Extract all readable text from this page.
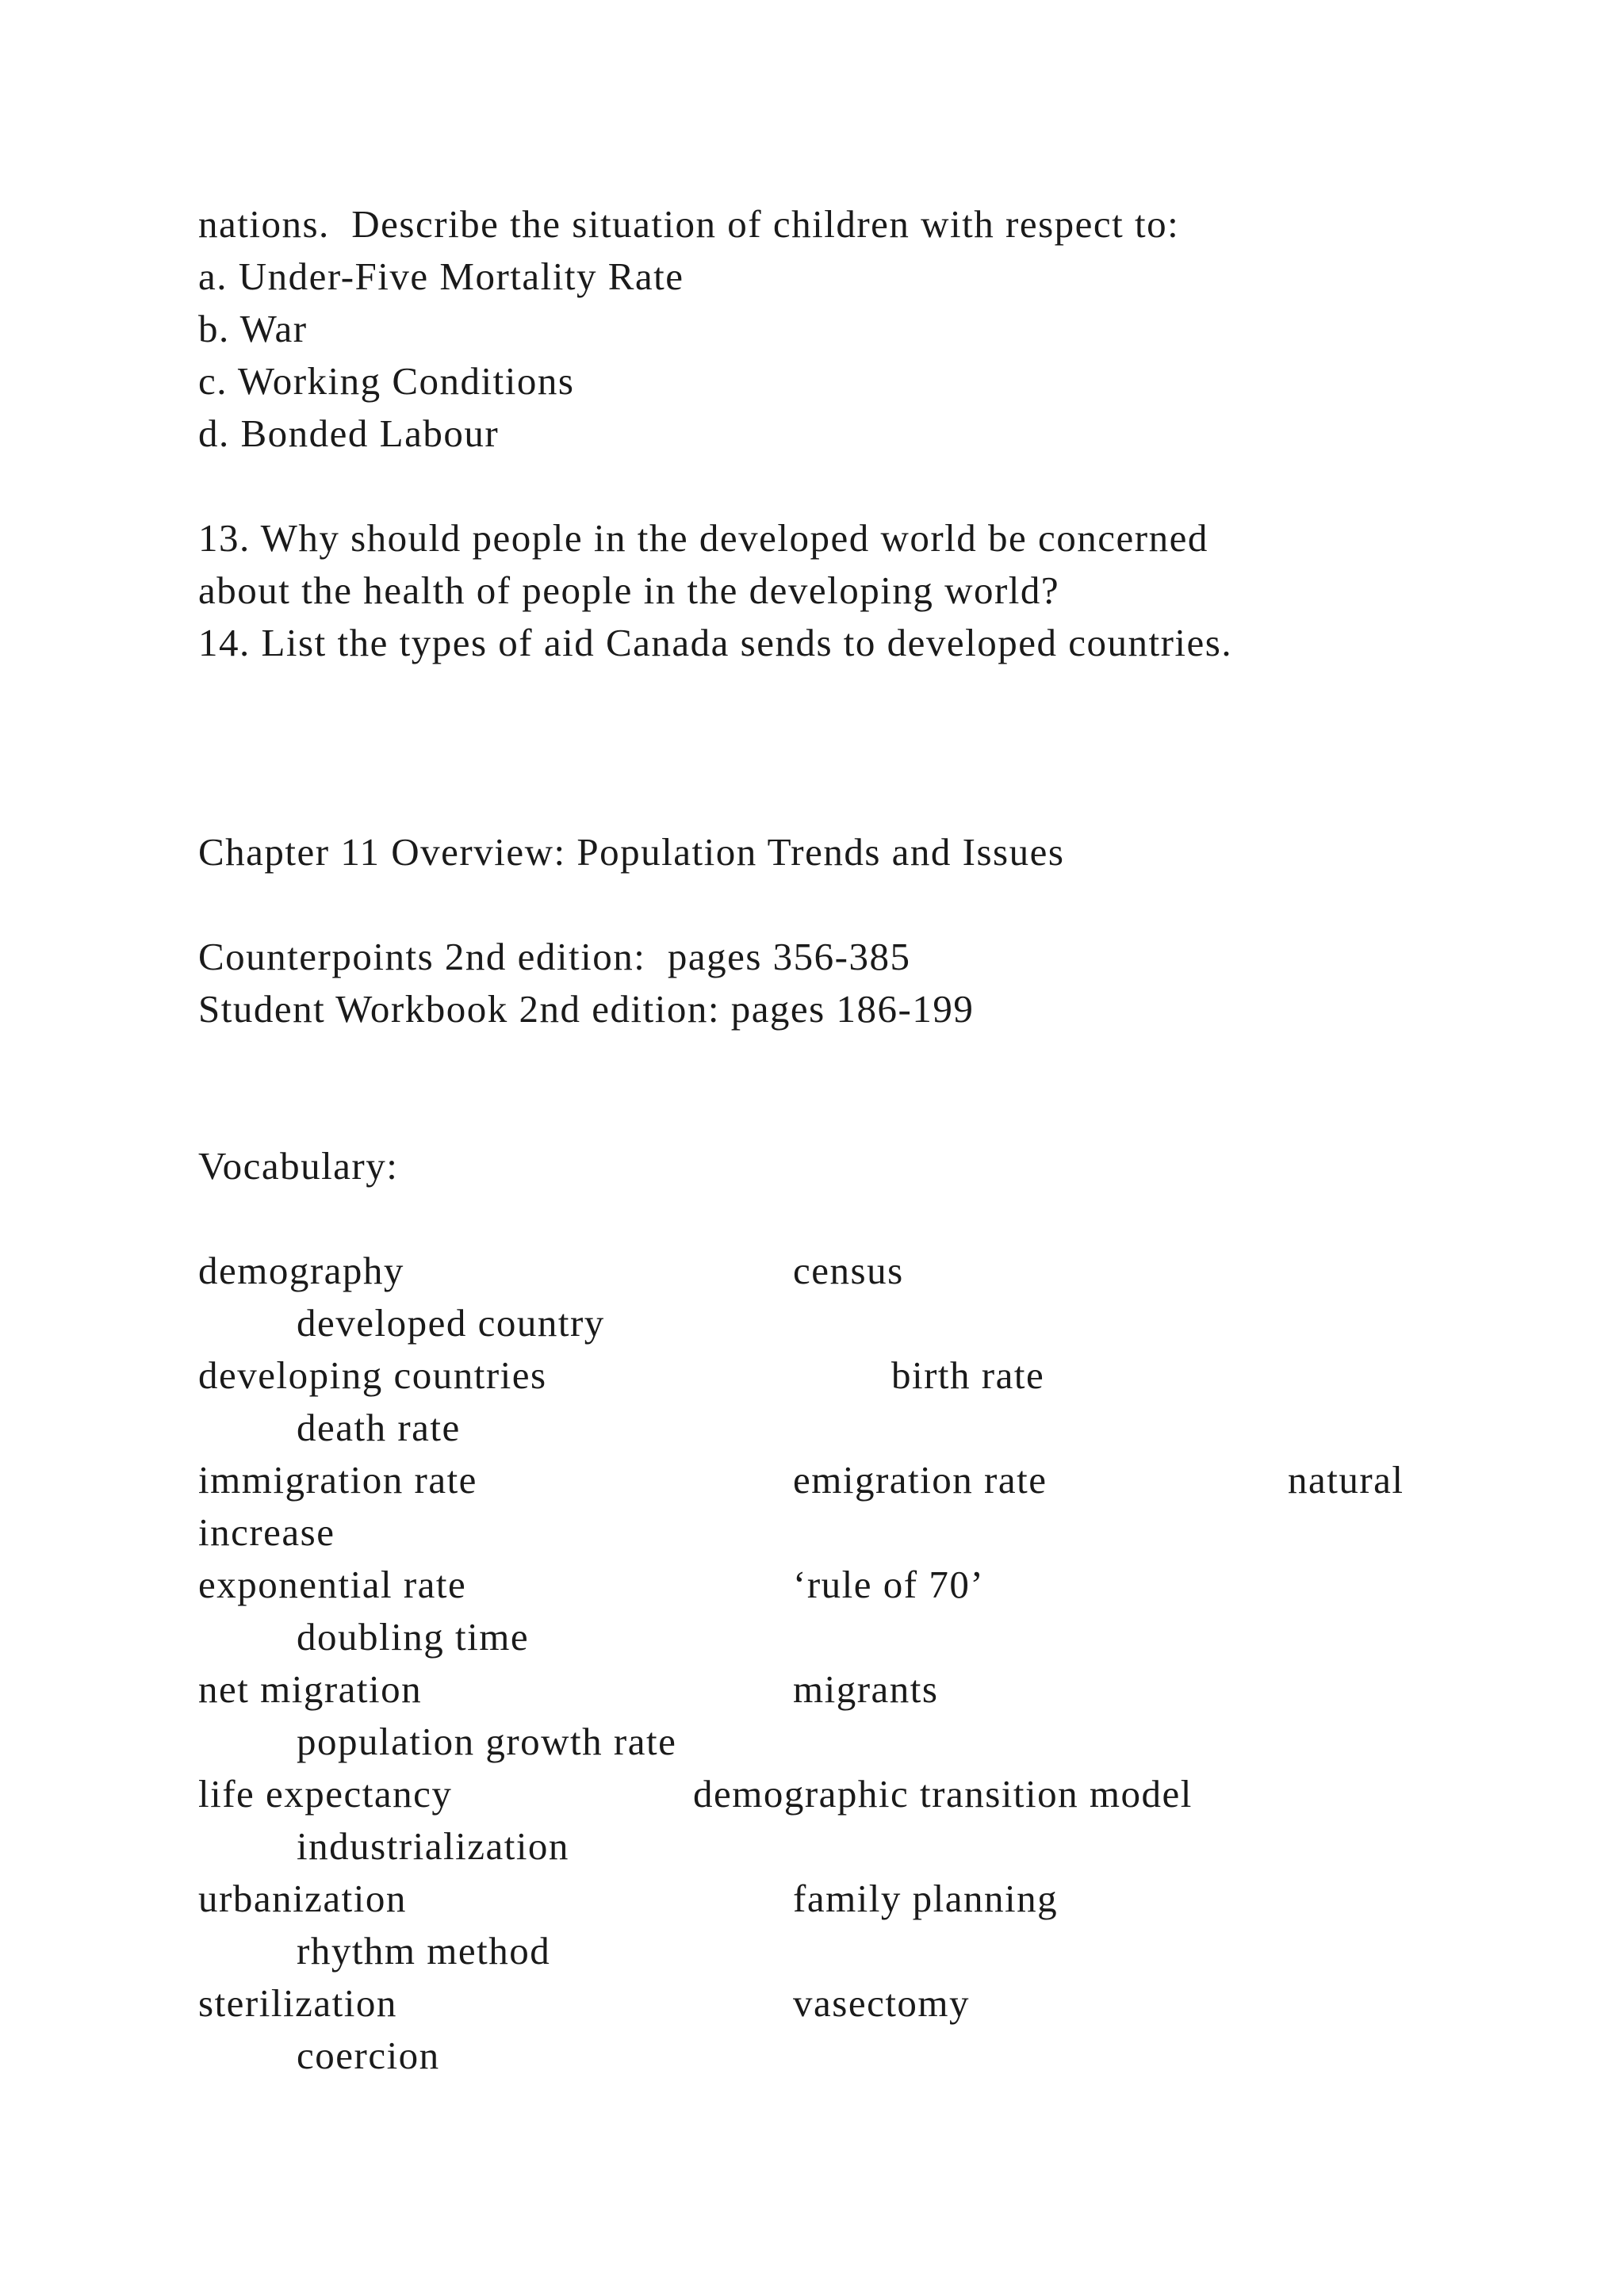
nations.  Describe the situation of children with respect to:
a. Under-Five Mortality Rate
b. War
c. Working Conditions
d. Bonded Labour
13. Why should people in the developed world be concerned
about the health of people in the developing world?
14. List the types of aid Canada sends to developed countries.
Chapter 11 Overview: Population Trends and Issues
Counterpoints 2nd edition:  pages 356-385
Student Workbook 2nd edition: pages 186-199
Vocabulary:
demography	census
developed country
developing countries	birth rate
death rate
immigration rate	emigration rate	natural
increase
exponential rate	‘rule of 70’
doubling time
net migration	migrants
population growth rate
life expectancy	demographic transition model
industrialization
urbanization	family planning
rhythm method
sterilization	vasectomy
coercion
